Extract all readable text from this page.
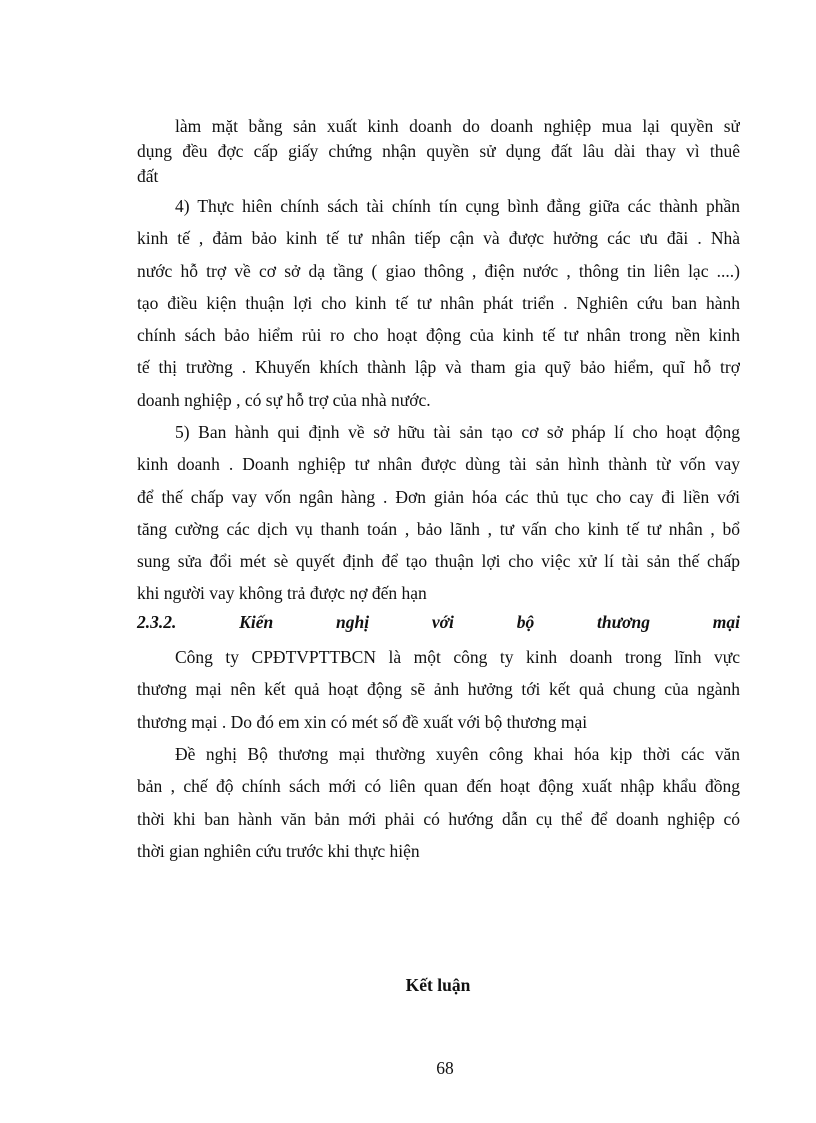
làm mặt bằng sản xuất kinh doanh do doanh nghiệp mua lại quyền sử
dụng đều đợc cấp giấy chứng nhận quyền sử dụng đất lâu dài thay vì thuê
đất
4) Thực hiên chính sách tài chính tín cụng bình đẳng giữa các thành phần
kinh tế , đảm bảo kinh tế tư nhân tiếp cận và được hưởng các ưu đãi . Nhà
nước hỗ trợ về cơ sở dạ tầng ( giao thông , điện nước , thông tin liên lạc ....)
tạo điều kiện thuận lợi cho kinh tế tư nhân phát triển . Nghiên cứu ban hành
chính sách bảo hiểm rủi ro cho hoạt động của kinh tế tư nhân trong nền kinh
tế thị trường . Khuyến khích thành lập và tham gia quỹ bảo hiểm, quĩ hỗ trợ
doanh nghiệp , có sự hỗ trợ của nhà nước.
5) Ban hành qui định về sở hữu tài sản tạo cơ sở pháp lí cho hoạt động
kinh doanh . Doanh nghiệp tư nhân được dùng tài sản hình thành từ vốn vay
để thế chấp vay vốn ngân hàng . Đơn giản hóa các thủ tục cho cay đi liền với
tăng cường các dịch vụ thanh toán , bảo lãnh , tư vấn cho kinh tế tư nhân , bổ
sung sửa đổi mét sè quyết định để tạo thuận lợi cho việc xử lí tài sản thế chấp
khi người vay không trả được nợ đến hạn
2.3.2.	Kiến	nghị	với	bộ	thương	mại
Công ty CPĐTVPTTBCN là một công ty kinh doanh trong lĩnh vực
thương mại nên kết quả hoạt động sẽ ảnh hưởng tới kết quả chung của ngành
thương mại . Do đó em xin có mét số đề xuất với bộ thương mại
Đề nghị Bộ thương mại thường xuyên công khai hóa kịp thời các văn
bản , chế độ chính sách mới có liên quan đến hoạt động xuất nhập khẩu đồng
thời khi ban hành văn bản mới phải có hướng dẫn cụ thể để doanh nghiệp có
thời gian nghiên cứu trước khi thực hiện
Kết luận
68
